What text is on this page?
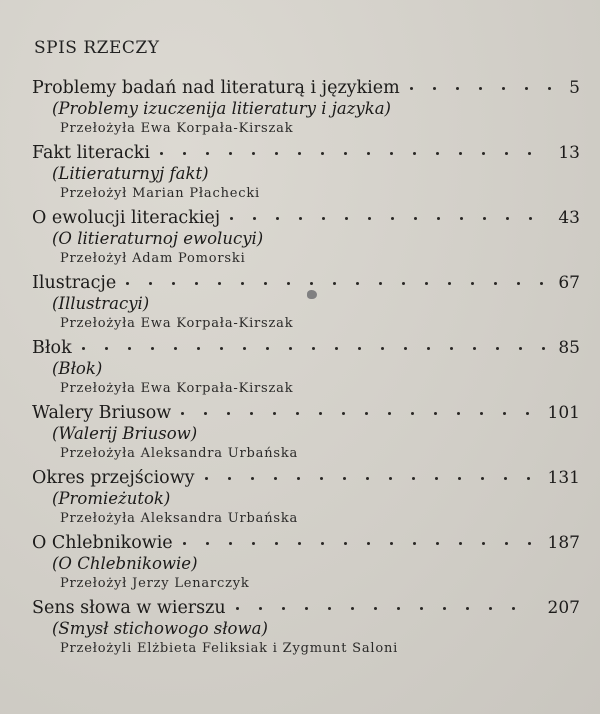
SPIS RZECZY
Problemy badań nad literaturą i językiem	5
(Problemy izuczenija litieratury i jazyka)
Przełożyła Ewa Korpała-Kirszak
Fakt literacki	13
(Litieraturnyj fakt)
Przełożył Marian Płachecki
O ewolucji literackiej	43
(O litieraturnoj ewolucyi)
Przełożył Adam Pomorski
Ilustracje	67
(Illustracyi)
Przełożyła Ewa Korpała-Kirszak
Błok	85
(Błok)
Przełożyła Ewa Korpała-Kirszak
Walery Briusow	101
(Walerij Briusow)
Przełożyła Aleksandra Urbańska
Okres przejściowy	131
(Promieżutok)
Przełożyła Aleksandra Urbańska
O Chlebnikowie	187
(O Chlebnikowie)
Przełożył Jerzy Lenarczyk
Sens słowa w wierszu	207
(Smysł stichowogo słowa)
Przełożyli Elżbieta Feliksiak i Zygmunt Saloni
